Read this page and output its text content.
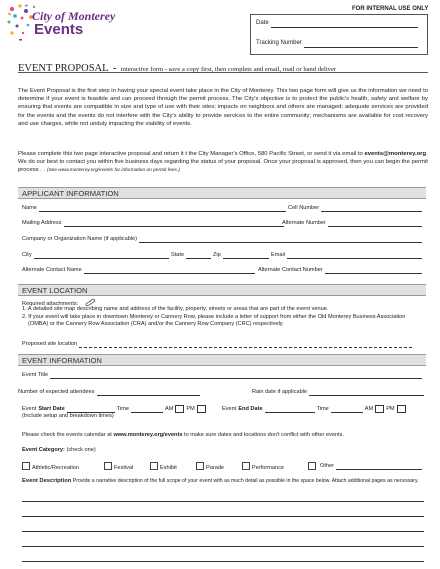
City of Monterey
Events
FOR INTERNAL USE ONLY
Date
Tracking Number
EVENT PROPOSAL - interactive form - save a copy first, then complete and email, mail or hand deliver
The Event Proposal is the first step in having your special event take place in the City of Monterey. This two page form will give us the information we need to determine if your event is feasible and can proceed through the permit process. The City's objective is to protect the public's health, safety and welfare by ensuring that events are compatible in size and type of use with their sites; impacts on neighbors and others are managed; adequate services are provided for the events and the events do not interfere with the City's ability to provide services to the entire community; mechanisms are available for cost recovery and use charges, while not unduly impacting the viability of events.
Please complete this two page interactive proposal and return it t the City Manager's Office, 580 Pacific Street, or send it via email to events@monterey.org. We do our best to contact you within five business days regarding the status of your proposal. Once your proposal is approved, then you can begin the permit process . . (See www.monterey.org/events for information on permit fees.)
APPLICANT INFORMATION
Name	Cell Number
Mailing Address	Alternate Number
Company or Organization Name (if applicable)
City	State	Zip	Email
Alternate Contact Name	Alternate Contact Number
EVENT LOCATION
Required attachments:
1. A detailed site map describing name and address of the facility, property, streets or areas that are part of the event venue.
2. If your event will take place in downtown Monterey or Cannery Row, please include a letter of support from either the Old Monterey Business Association (OMBA) or the Cannery Row Association (CRA) and/or the Cannery Row Company (CRC) respectively.
Proposed site location
EVENT INFORMATION
Event Title
Number of expected attendees	Rain date if applicable
Event Start Date	Time	AM PM	Event End Date	Time	AM PM
(Include setup and breakdown times)
Please check the events calendar at www.monterey.org/events to make sure dates and locations don't conflict with other events.
Event Category: (check one)
Athletic/Recreation	Festival	Exhibit	Parade	Performance	Other
Event Description Provide a narrative description of the full scope of your event with as much detail as possible in the space below. Attach additional pages as necessary.
